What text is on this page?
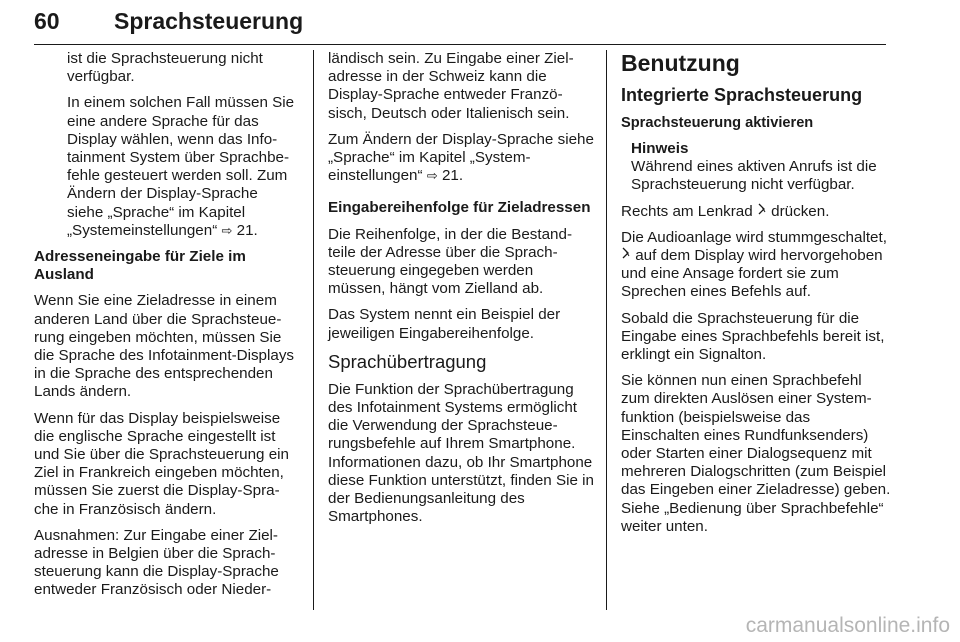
60 Sprachsteuerung

ist die Sprachsteuerung nicht verfügbar.

In einem solchen Fall müssen Sie eine andere Sprache für das Display wählen, wenn das Infotainment System über Sprachbefehle gesteuert werden soll. Zum Ändern der Display-Sprache siehe „Sprache“ im Kapitel „Systemeinstellungen“ ⇨ 21.

Adresseneingabe für Ziele im Ausland

Wenn Sie eine Zieladresse in einem anderen Land über die Sprachsteuerung eingeben möchten, müssen Sie die Sprache des Infotainment-Displays in die Sprache des entsprechenden Lands ändern.

Wenn für das Display beispielsweise die englische Sprache eingestellt ist und Sie über die Sprachsteuerung ein Ziel in Frankreich eingeben möchten, müssen Sie zuerst die Display-Sprache in Französisch ändern.

Ausnahmen: Zur Eingabe einer Zieladresse in Belgien über die Sprachsteuerung kann die Display-Sprache entweder Französisch oder Nieder-

ländisch sein. Zu Eingabe einer Zieladresse in der Schweiz kann die Display-Sprache entweder Französisch, Deutsch oder Italienisch sein.

Zum Ändern der Display-Sprache siehe „Sprache“ im Kapitel „Systemeinstellungen“ ⇨ 21.

Eingabereihenfolge für Zieladressen

Die Reihenfolge, in der die Bestandteile der Adresse über die Sprachsteuerung eingegeben werden müssen, hängt vom Zielland ab.

Das System nennt ein Beispiel der jeweiligen Eingabereihenfolge.

Sprachübertragung

Die Funktion der Sprachübertragung des Infotainment Systems ermöglicht die Verwendung der Sprachsteuerungsbefehle auf Ihrem Smartphone. Informationen dazu, ob Ihr Smartphone diese Funktion unterstützt, finden Sie in der Bedienungsanleitung des Smartphones.

Benutzung

Integrierte Sprachsteuerung

Sprachsteuerung aktivieren

Hinweis

Während eines aktiven Anrufs ist die Sprachsteuerung nicht verfügbar.

Rechts am Lenkrad drücken.

Die Audioanlage wird stummgeschaltet,  auf dem Display wird hervorgehoben und eine Ansage fordert sie zum Sprechen eines Befehls auf.

Sobald die Sprachsteuerung für die Eingabe eines Sprachbefehls bereit ist, erklingt ein Signalton.

Sie können nun einen Sprachbefehl zum direkten Auslösen einer Systemfunktion (beispielsweise das Einschalten eines Rundfunksenders) oder Starten einer Dialogsequenz mit mehreren Dialogschritten (zum Beispiel das Eingeben einer Zieladresse) geben. Siehe „Bedienung über Sprachbefehle“ weiter unten.

carmanualsonline.info
